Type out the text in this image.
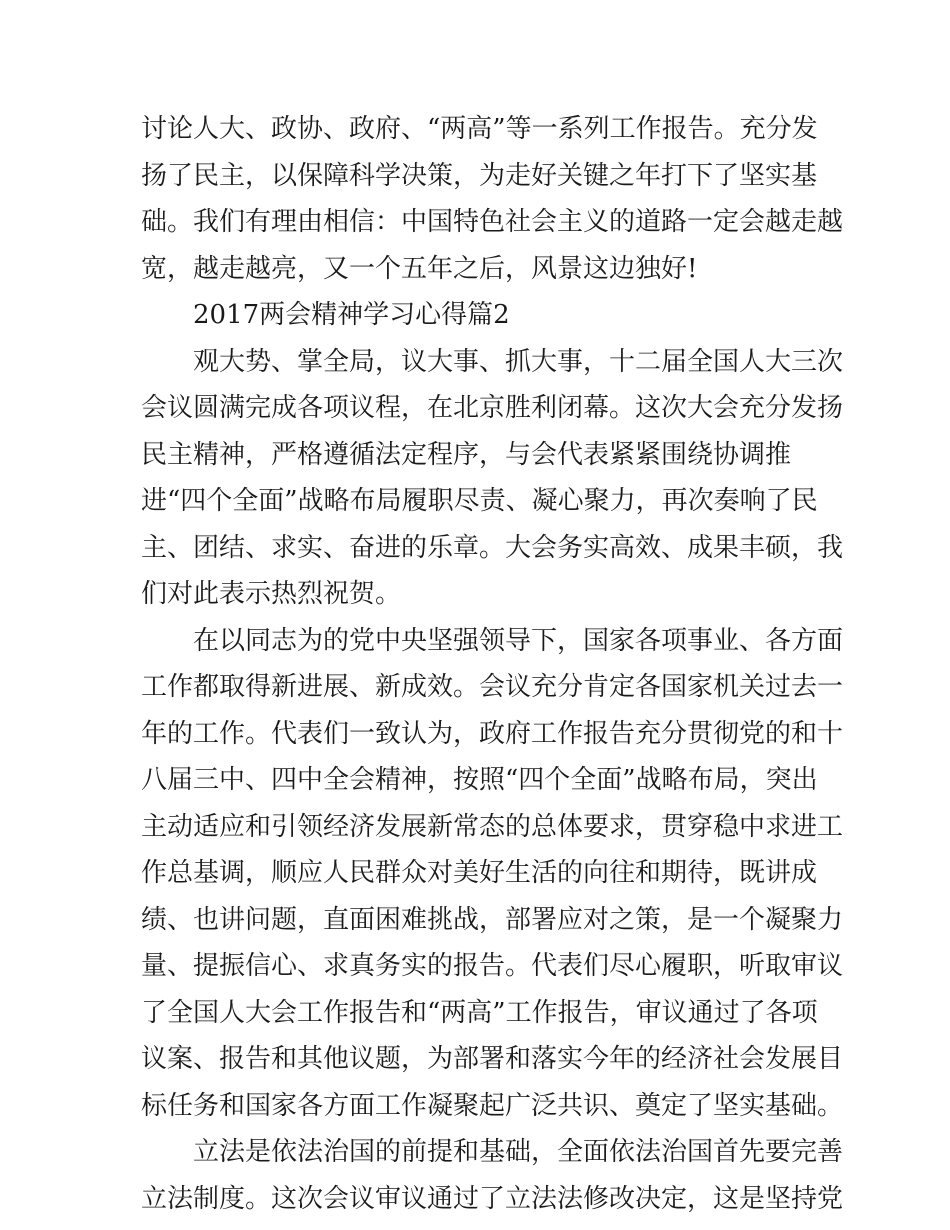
讨论人大、政协、政府、“两高”等一系列工作报告。充分发
扬了民主，以保障科学决策，为走好关键之年打下了坚实基
础。我们有理由相信：中国特色社会主义的道路一定会越走越
宽，越走越亮，又一个五年之后，风景这边独好!
2017两会精神学习心得篇2
观大势、掌全局，议大事、抓大事，十二届全国人大三次
会议圆满完成各项议程，在北京胜利闭幕。这次大会充分发扬
民主精神，严格遵循法定程序，与会代表紧紧围绕协调推
进“四个全面”战略布局履职尽责、凝心聚力，再次奏响了民
主、团结、求实、奋进的乐章。大会务实高效、成果丰硕，我
们对此表示热烈祝贺。
在以同志为的党中央坚强领导下，国家各项事业、各方面
工作都取得新进展、新成效。会议充分肯定各国家机关过去一
年的工作。代表们一致认为，政府工作报告充分贯彻党的和十
八届三中、四中全会精神，按照“四个全面”战略布局，突出
主动适应和引领经济发展新常态的总体要求，贯穿稳中求进工
作总基调，顺应人民群众对美好生活的向往和期待，既讲成
绩、也讲问题，直面困难挑战，部署应对之策，是一个凝聚力
量、提振信心、求真务实的报告。代表们尽心履职，听取审议
了全国人大会工作报告和“两高”工作报告，审议通过了各项
议案、报告和其他议题，为部署和落实今年的经济社会发展目
标任务和国家各方面工作凝聚起广泛共识、奠定了坚实基础。
立法是依法治国的前提和基础，全面依法治国首先要完善
立法制度。这次会议审议通过了立法法修改决定，这是坚持党
